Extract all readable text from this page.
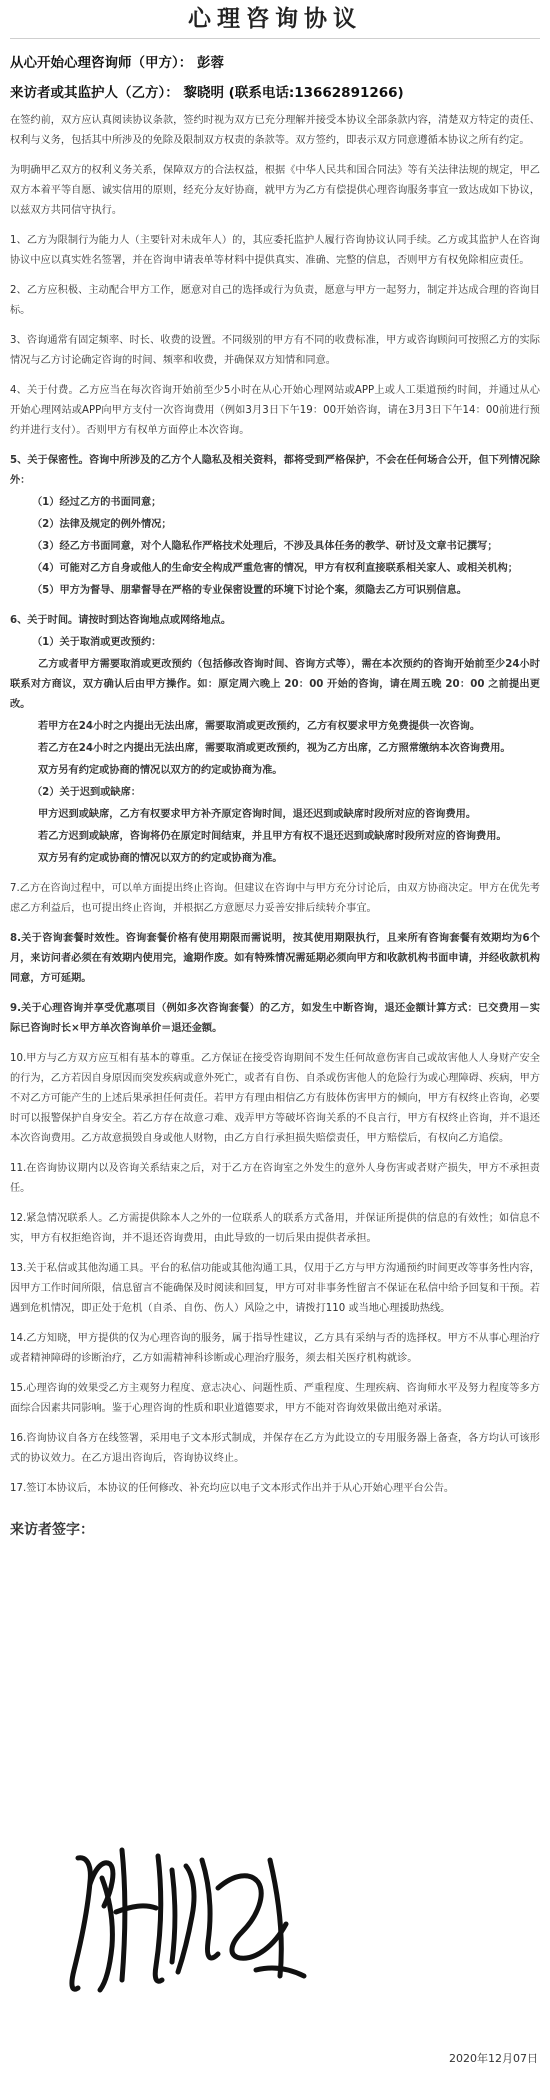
心理咨询协议

从心开始心理咨询师（甲方）： 彭蓉

来访者或其监护人（乙方）： 黎晓明 (联系电话:13662891266)

在签约前，双方应认真阅读协议条款，签约时视为双方已充分理解并接受本协议全部条款内容，清楚双方特定的责任、权利与义务，包括其中所涉及的免除及限制双方权责的条款等。双方签约，即表示双方同意遵循本协议之所有约定。

为明确甲乙双方的权利义务关系，保障双方的合法权益，根据《中华人民共和国合同法》等有关法律法规的规定，甲乙双方本着平等自愿、诚实信用的原则，经充分友好协商，就甲方为乙方有偿提供心理咨询服务事宜一致达成如下协议，以兹双方共同信守执行。

1、乙方为限制行为能力人（主要针对未成年人）的，其应委托监护人履行咨询协议认同手续。乙方或其监护人在咨询协议中应以真实姓名签署，并在咨询申请表单等材料中提供真实、准确、完整的信息，否则甲方有权免除相应责任。

2、乙方应积极、主动配合甲方工作，愿意对自己的选择或行为负责，愿意与甲方一起努力，制定并达成合理的咨询目标。

3、咨询通常有固定频率、时长、收费的设置。不同级别的甲方有不同的收费标准，甲方或咨询顾问可按照乙方的实际情况与乙方讨论确定咨询的时间、频率和收费，并确保双方知情和同意。

4、关于付费。乙方应当在每次咨询开始前至少5小时在从心开始心理网站或APP上或人工渠道预约时间，并通过从心开始心理网站或APP向甲方支付一次咨询费用（例如3月3日下午19：00开始咨询，请在3月3日下午14：00前进行预约并进行支付）。否则甲方有权单方面停止本次咨询。

5、关于保密性。咨询中所涉及的乙方个人隐私及相关资料，都将受到严格保护，不会在任何场合公开，但下列情况除外：

（1）经过乙方的书面同意；

（2）法律及规定的例外情况；

（3）经乙方书面同意，对个人隐私作严格技术处理后，不涉及具体任务的教学、研讨及文章书记撰写；

（4）可能对乙方自身或他人的生命安全构成严重危害的情况，甲方有权利直接联系相关家人、或相关机构；

（5）甲方为督导、朋辈督导在严格的专业保密设置的环境下讨论个案，须隐去乙方可识别信息。

6、关于时间。请按时到达咨询地点或网络地点。

（1）关于取消或更改预约：

乙方或者甲方需要取消或更改预约（包括修改咨询时间、咨询方式等），需在本次预约的咨询开始前至少24小时联系对方商议，双方确认后由甲方操作。如：原定周六晚上 20：00 开始的咨询，请在周五晚 20：00 之前提出更改。

若甲方在24小时之内提出无法出席，需要取消或更改预约，乙方有权要求甲方免费提供一次咨询。

若乙方在24小时之内提出无法出席，需要取消或更改预约，视为乙方出席，乙方照常缴纳本次咨询费用。

双方另有约定或协商的情况以双方的约定或协商为准。

（2）关于迟到或缺席：

甲方迟到或缺席，乙方有权要求甲方补齐原定咨询时间，退还迟到或缺席时段所对应的咨询费用。

若乙方迟到或缺席，咨询将仍在原定时间结束，并且甲方有权不退还迟到或缺席时段所对应的咨询费用。

双方另有约定或协商的情况以双方的约定或协商为准。

7.乙方在咨询过程中，可以单方面提出终止咨询。但建议在咨询中与甲方充分讨论后，由双方协商决定。甲方在优先考虑乙方利益后，也可提出终止咨询，并根据乙方意愿尽力妥善安排后续转介事宜。

8.关于咨询套餐时效性。咨询套餐价格有使用期限而需说明，按其使用期限执行，且来所有咨询套餐有效期均为6个月，来访问者必须在有效期内使用完，逾期作废。如有特殊情况需延期必须向甲方和收款机构书面申请，并经收款机构同意，方可延期。

9.关于心理咨询并享受优惠项目（例如多次咨询套餐）的乙方，如发生中断咨询，退还金额计算方式：已交费用－实际已咨询时长×甲方单次咨询单价＝退还金额。

10.甲方与乙方双方应互相有基本的尊重。乙方保证在接受咨询期间不发生任何故意伤害自己或故害他人人身财产安全的行为，乙方若因自身原因而突发疾病或意外死亡，或者有自伤、自杀或伤害他人的危险行为或心理障碍、疾病，甲方不对乙方可能产生的上述后果承担任何责任。若甲方有理由相信乙方有肢体伤害甲方的倾向，甲方有权终止咨询，必要时可以报警保护自身安全。若乙方存在故意刁难、戏弄甲方等破坏咨询关系的不良言行，甲方有权终止咨询，并不退还本次咨询费用。乙方故意损毁自身或他人财物，由乙方自行承担损失赔偿责任，甲方赔偿后，有权向乙方追偿。

11.在咨询协议期内以及咨询关系结束之后，对于乙方在咨询室之外发生的意外人身伤害或者财产损失，甲方不承担责任。

12.紧急情况联系人。乙方需提供除本人之外的一位联系人的联系方式备用，并保证所提供的信息的有效性；如信息不实，甲方有权拒绝咨询，并不退还咨询费用，由此导致的一切后果由提供者承担。

13.关于私信或其他沟通工具。平台的私信功能或其他沟通工具，仅用于乙方与甲方沟通预约时间更改等事务性内容，因甲方工作时间所限，信息留言不能确保及时阅读和回复，甲方可对非事务性留言不保证在私信中给予回复和干预。若遇到危机情况，即正处于危机（自杀、自伤、伤人）风险之中，请拨打110 或当地心理援助热线。

14.乙方知晓，甲方提供的仅为心理咨询的服务，属于指导性建议，乙方具有采纳与否的选择权。甲方不从事心理治疗或者精神障碍的诊断治疗，乙方如需精神科诊断或心理治疗服务，须去相关医疗机构就诊。

15.心理咨询的效果受乙方主观努力程度、意志决心、问题性质、严重程度、生理疾病、咨询师水平及努力程度等多方面综合因素共同影响。鉴于心理咨询的性质和职业道德要求，甲方不能对咨询效果做出绝对承诺。

16.咨询协议自各方在线签署，采用电子文本形式制成，并保存在乙方为此设立的专用服务器上备查，各方均认可该形式的协议效力。在乙方退出咨询后，咨询协议终止。

17.签订本协议后，本协议的任何修改、补充均应以电子文本形式作出并于从心开始心理平台公告。

来访者签字：

2020年12月07日
